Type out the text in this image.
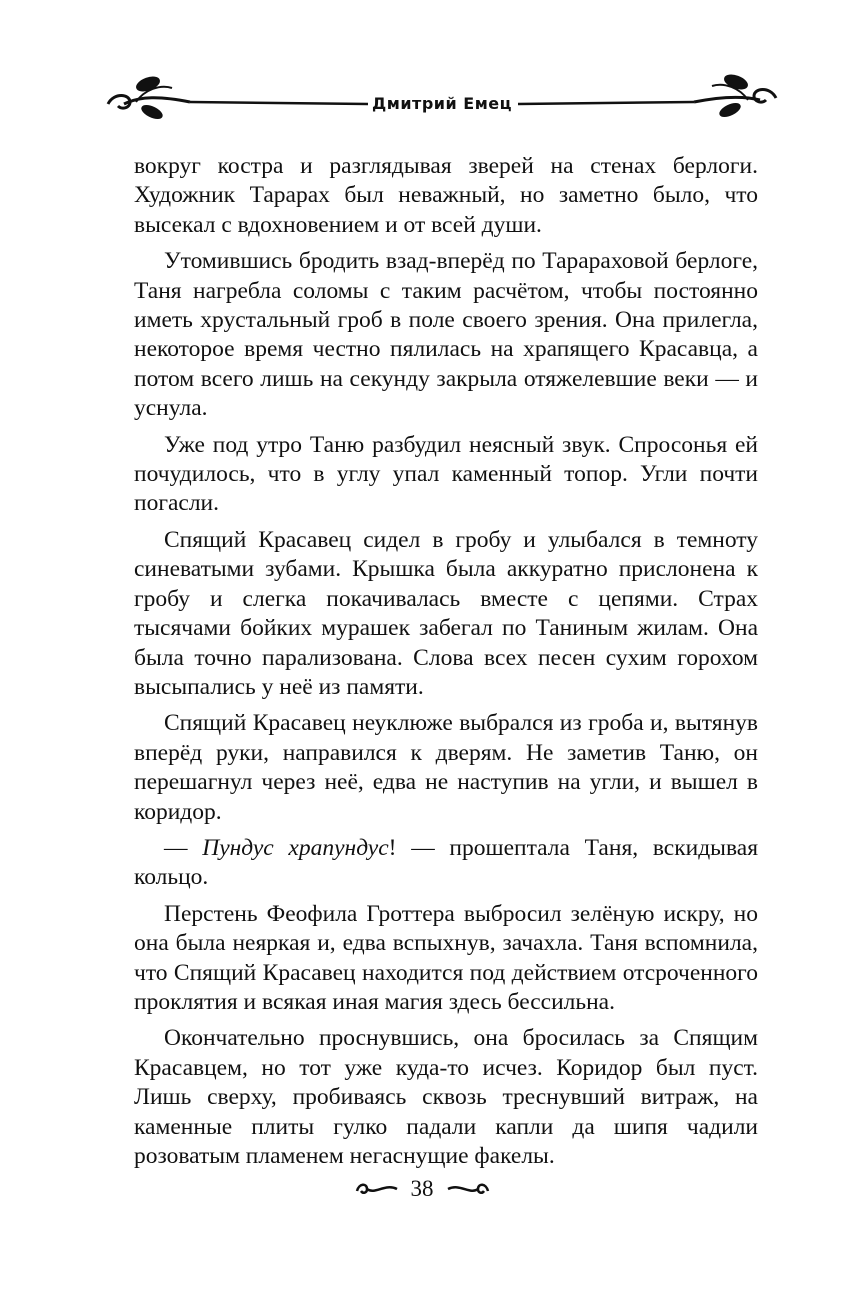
Дмитрий Емец

вокруг костра и разглядывая зверей на стенах берлоги. Художник Тарарах был неважный, но заметно было, что высекал с вдохновением и от всей души.

Утомившись бродить взад-вперёд по Тарараховой берлоге, Таня нагребла соломы с таким расчётом, чтобы постоянно иметь хрустальный гроб в поле своего зрения. Она прилегла, некоторое время честно пялилась на храпящего Красавца, а потом всего лишь на секунду закрыла отяжелевшие веки — и уснула.

Уже под утро Таню разбудил неясный звук. Спросонья ей почудилось, что в углу упал каменный топор. Угли почти погасли.

Спящий Красавец сидел в гробу и улыбался в темноту синеватыми зубами. Крышка была аккуратно прислонена к гробу и слегка покачивалась вместе с цепями. Страх тысячами бойких мурашек забегал по Таниным жилам. Она была точно парализована. Слова всех песен сухим горохом высыпались у неё из памяти.

Спящий Красавец неуклюже выбрался из гроба и, вытянув вперёд руки, направился к дверям. Не заметив Таню, он перешагнул через неё, едва не наступив на угли, и вышел в коридор.

— Пундус храпундус! — прошептала Таня, вскидывая кольцо.

Перстень Феофила Гроттера выбросил зелёную искру, но она была неяркая и, едва вспыхнув, зачахла. Таня вспомнила, что Спящий Красавец находится под действием отсроченного проклятия и всякая иная магия здесь бессильна.

Окончательно проснувшись, она бросилась за Спящим Красавцем, но тот уже куда-то исчез. Коридор был пуст. Лишь сверху, пробиваясь сквозь треснувший витраж, на каменные плиты гулко падали капли да шипя чадили розоватым пламенем негаснущие факелы.

38
